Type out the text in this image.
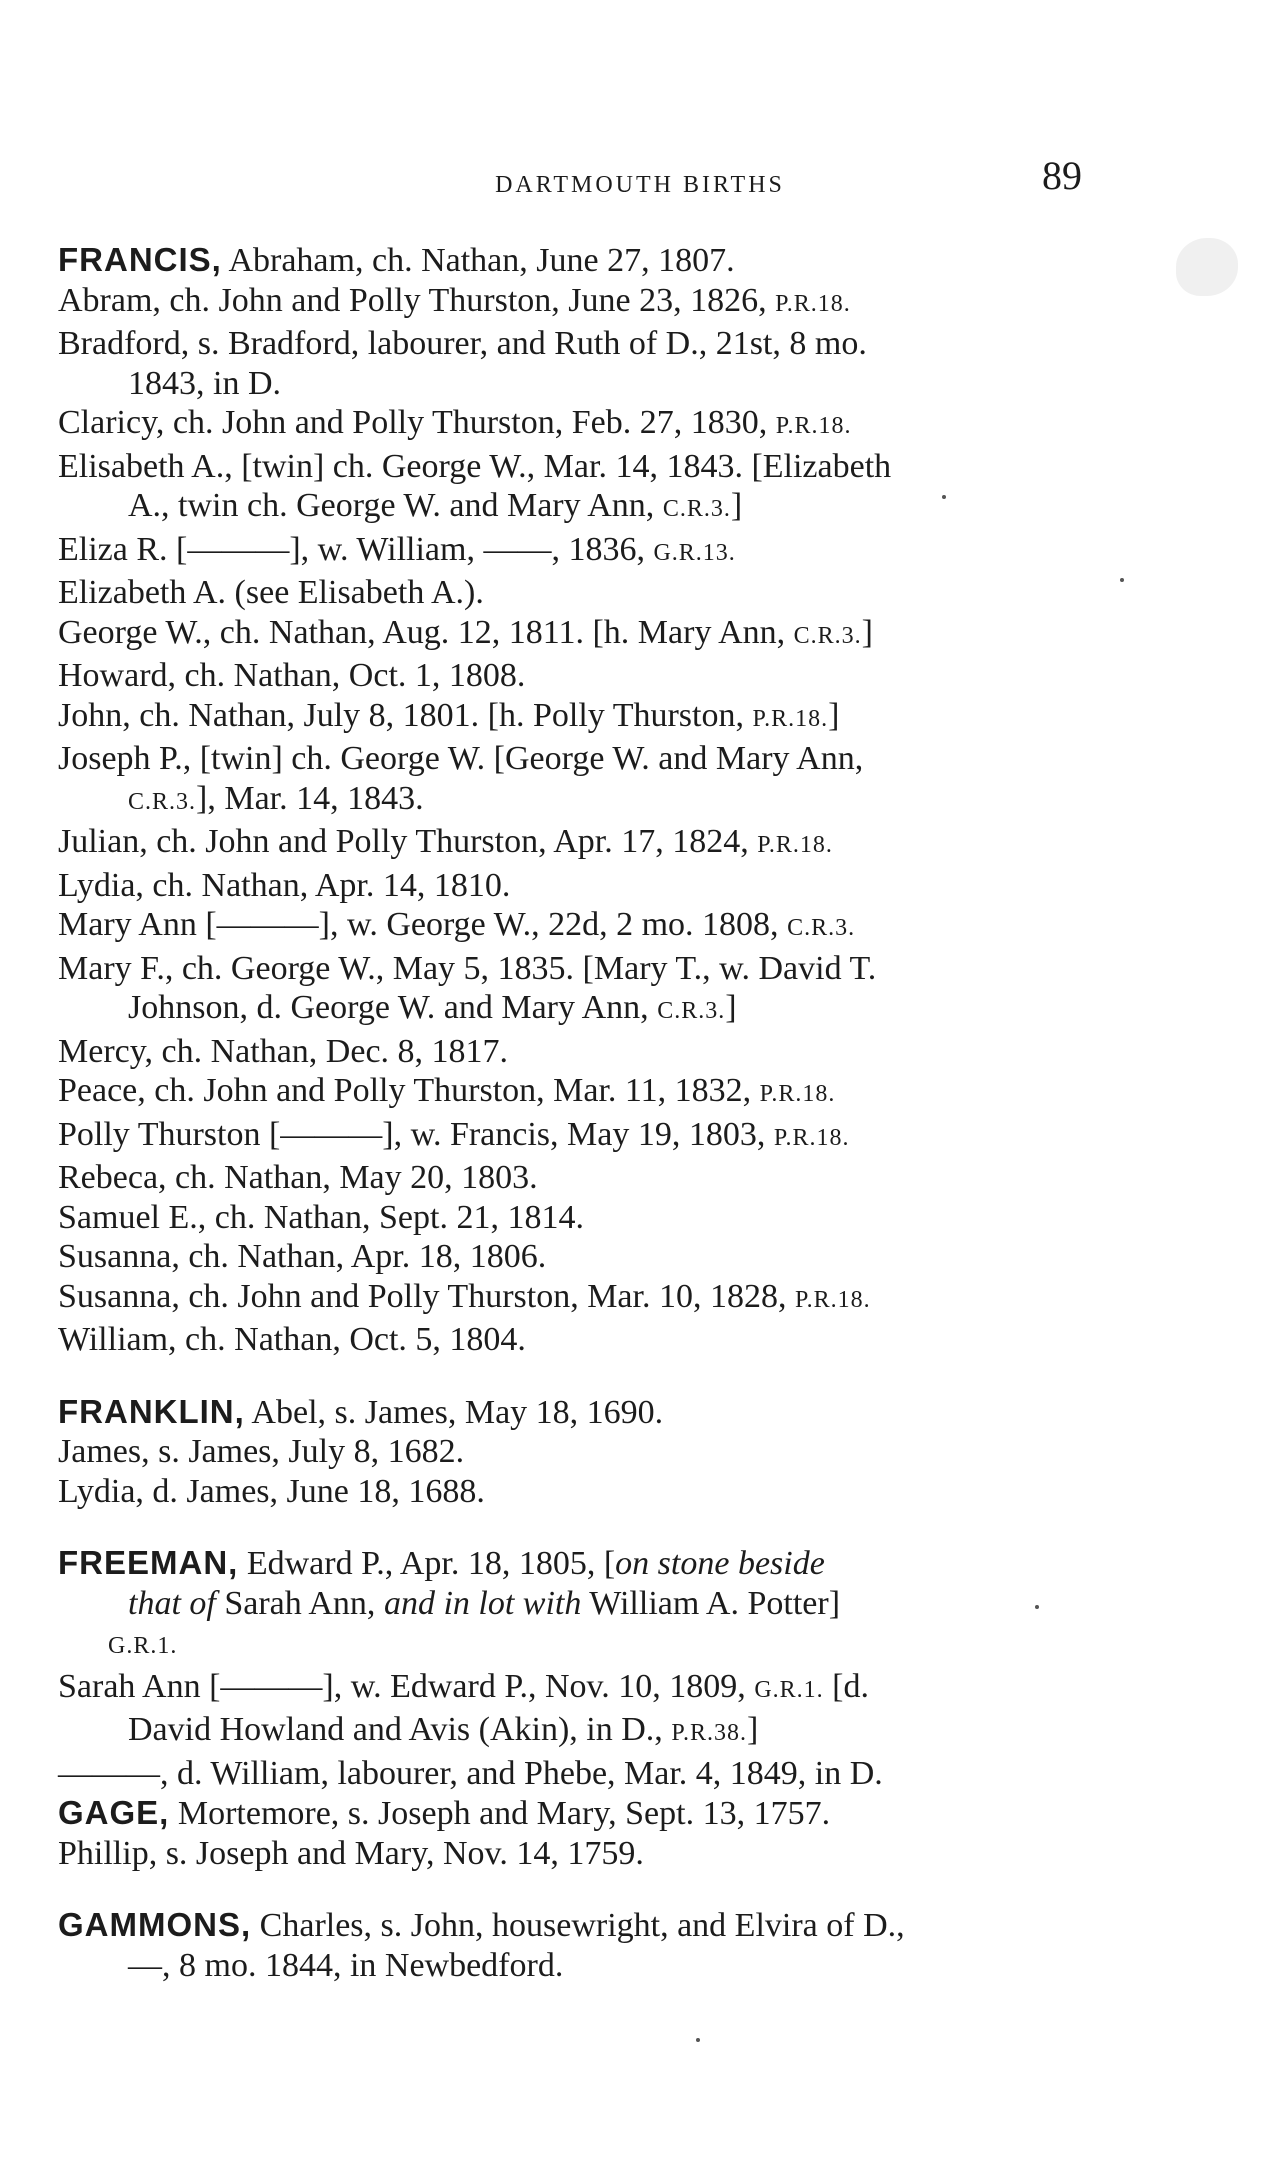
DARTMOUTH BIRTHS	89
FRANCIS, Abraham, ch. Nathan, June 27, 1807.
Abram, ch. John and Polly Thurston, June 23, 1826, P.R.18.
Bradford, s. Bradford, labourer, and Ruth of D., 21st, 8 mo.
1843, in D.
Claricy, ch. John and Polly Thurston, Feb. 27, 1830, P.R.18.
Elisabeth A., [twin] ch. George W., Mar. 14, 1843. [Elizabeth
A., twin ch. George W. and Mary Ann, C.R.3.]
Eliza R. [———], w. William, ——, 1836, G.R.13.
Elizabeth A. (see Elisabeth A.).
George W., ch. Nathan, Aug. 12, 1811. [h. Mary Ann, C.R.3.]
Howard, ch. Nathan, Oct. 1, 1808.
John, ch. Nathan, July 8, 1801. [h. Polly Thurston, P.R.18.]
Joseph P., [twin] ch. George W. [George W. and Mary Ann,
C.R.3.], Mar. 14, 1843.
Julian, ch. John and Polly Thurston, Apr. 17, 1824, P.R.18.
Lydia, ch. Nathan, Apr. 14, 1810.
Mary Ann [———], w. George W., 22d, 2 mo. 1808, C.R.3.
Mary F., ch. George W., May 5, 1835. [Mary T., w. David T.
Johnson, d. George W. and Mary Ann, C.R.3.]
Mercy, ch. Nathan, Dec. 8, 1817.
Peace, ch. John and Polly Thurston, Mar. 11, 1832, P.R.18.
Polly Thurston [———], w. Francis, May 19, 1803, P.R.18.
Rebeca, ch. Nathan, May 20, 1803.
Samuel E., ch. Nathan, Sept. 21, 1814.
Susanna, ch. Nathan, Apr. 18, 1806.
Susanna, ch. John and Polly Thurston, Mar. 10, 1828, P.R.18.
William, ch. Nathan, Oct. 5, 1804.
FRANKLIN, Abel, s. James, May 18, 1690.
James, s. James, July 8, 1682.
Lydia, d. James, June 18, 1688.
FREEMAN, Edward P., Apr. 18, 1805, [on stone beside
that of Sarah Ann, and in lot with William A. Potter]
G.R.1.
Sarah Ann [———], w. Edward P., Nov. 10, 1809, G.R.1. [d.
David Howland and Avis (Akin), in D., P.R.38.]
———, d. William, labourer, and Phebe, Mar. 4, 1849, in D.
GAGE, Mortemore, s. Joseph and Mary, Sept. 13, 1757.
Phillip, s. Joseph and Mary, Nov. 14, 1759.
GAMMONS, Charles, s. John, housewright, and Elvira of D.,
—, 8 mo. 1844, in Newbedford.
